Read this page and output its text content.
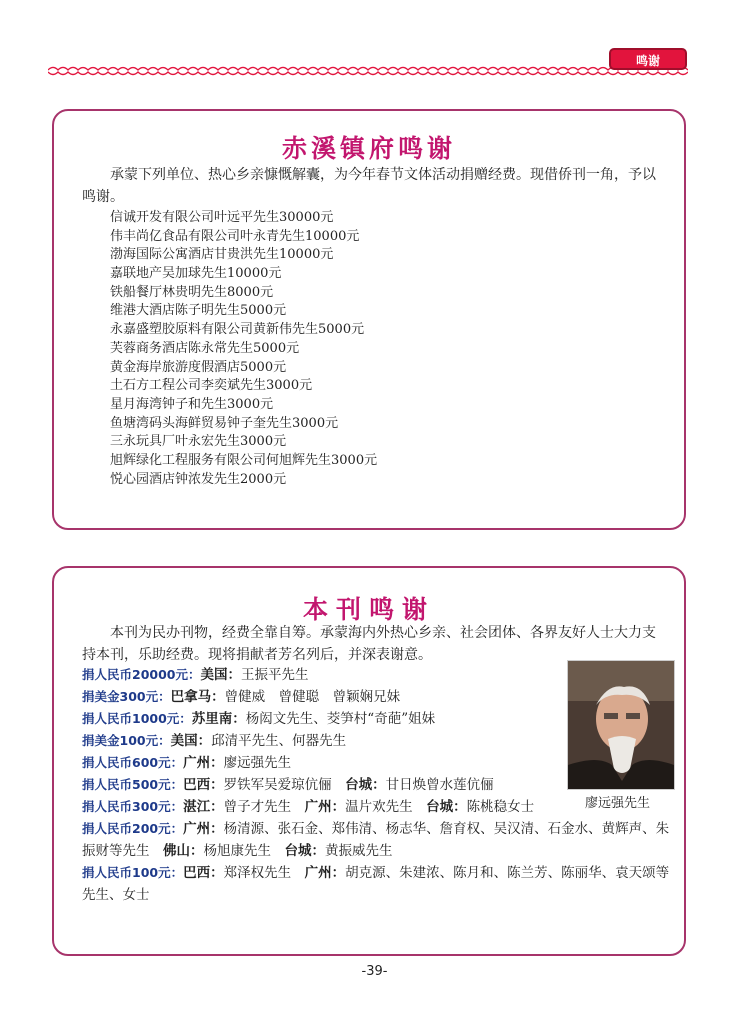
鸣谢
赤溪镇府鸣谢
承蒙下列单位、热心乡亲慷慨解囊，为今年春节文体活动捐赠经费。现借侨刊一角，予以鸣谢。
信诚开发有限公司叶远平先生30000元
伟丰尚亿食品有限公司叶永青先生10000元
渤海国际公寓酒店甘贵洪先生10000元
嘉联地产吴加球先生10000元
铁船餐厅林贵明先生8000元
维港大酒店陈子明先生5000元
永嘉盛塑胶原料有限公司黄新伟先生5000元
芙蓉商务酒店陈永常先生5000元
黄金海岸旅游度假酒店5000元
土石方工程公司李奕斌先生3000元
星月海湾钟子和先生3000元
鱼塘湾码头海鲜贸易钟子奎先生3000元
三永玩具厂叶永宏先生3000元
旭辉绿化工程服务有限公司何旭辉先生3000元
悦心园酒店钟浓发先生2000元
本刊鸣谢
本刊为民办刊物，经费全靠自筹。承蒙海内外热心乡亲、社会团体、各界友好人士大力支持本刊，乐助经费。现将捐献者芳名列后，并深表谢意。
捐人民币20000元：美国：王振平先生
捐美金300元：巴拿马：曾健威　曾健聪　曾颖娴兄妹
捐人民币1000元：苏里南：杨闳文先生、茭笋村“奇葩”姐妹
捐美金100元：美国：邱清平先生、何器先生
捐人民币600元：广州：廖远强先生
捐人民币500元：巴西：罗铁军吴爱琼伉俪　 台城：甘日焕曾水莲伉俪
捐人民币300元：湛江：曾子才先生　 广州：温片欢先生　 台城：陈桃稳女士
捐人民币200元：广州：杨清源、张石金、郑伟清、杨志华、詹育权、吴汉清、石金水、黄辉声、朱振财等先生　 佛山：杨旭康先生　 台城：黄振威先生
捐人民币100元：巴西：郑泽权先生　 广州：胡克源、朱建浓、陈月和、陈兰芳、陈丽华、袁天颂等先生、女士
廖远强先生
-39-
